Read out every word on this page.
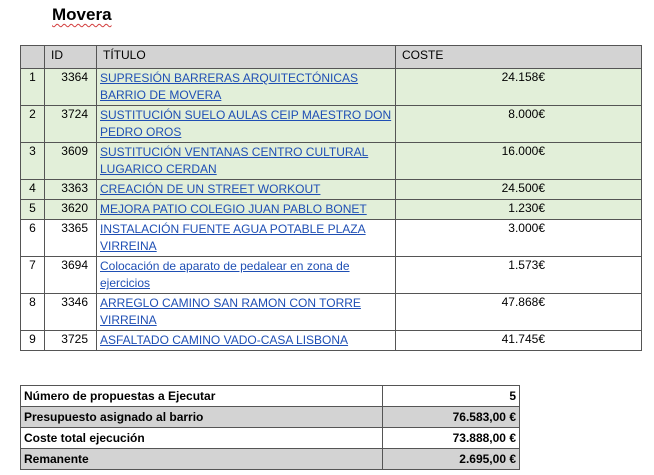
Movera
	ID	TÍTULO	COSTE
1	3364	SUPRESIÓN BARRERAS ARQUITECTÓNICAS BARRIO DE MOVERA	24.158€
2	3724	SUSTITUCIÓN SUELO AULAS CEIP MAESTRO DON PEDRO OROS	8.000€
3	3609	SUSTITUCIÓN VENTANAS CENTRO CULTURAL LUGARICO CERDAN	16.000€
4	3363	CREACIÓN DE UN STREET WORKOUT	24.500€
5	3620	MEJORA PATIO COLEGIO JUAN PABLO BONET	1.230€
6	3365	INSTALACIÓN FUENTE AGUA POTABLE PLAZA VIRREINA	3.000€
7	3694	Colocación de aparato de pedalear en zona de ejercicios	1.573€
8	3346	ARREGLO CAMINO SAN RAMON CON TORRE VIRREINA	47.868€
9	3725	ASFALTADO CAMINO VADO-CASA LISBONA	41.745€
Número de propuestas a Ejecutar	5
Presupuesto asignado al barrio	76.583,00 €
Coste total ejecución	73.888,00 €
Remanente	2.695,00 €
